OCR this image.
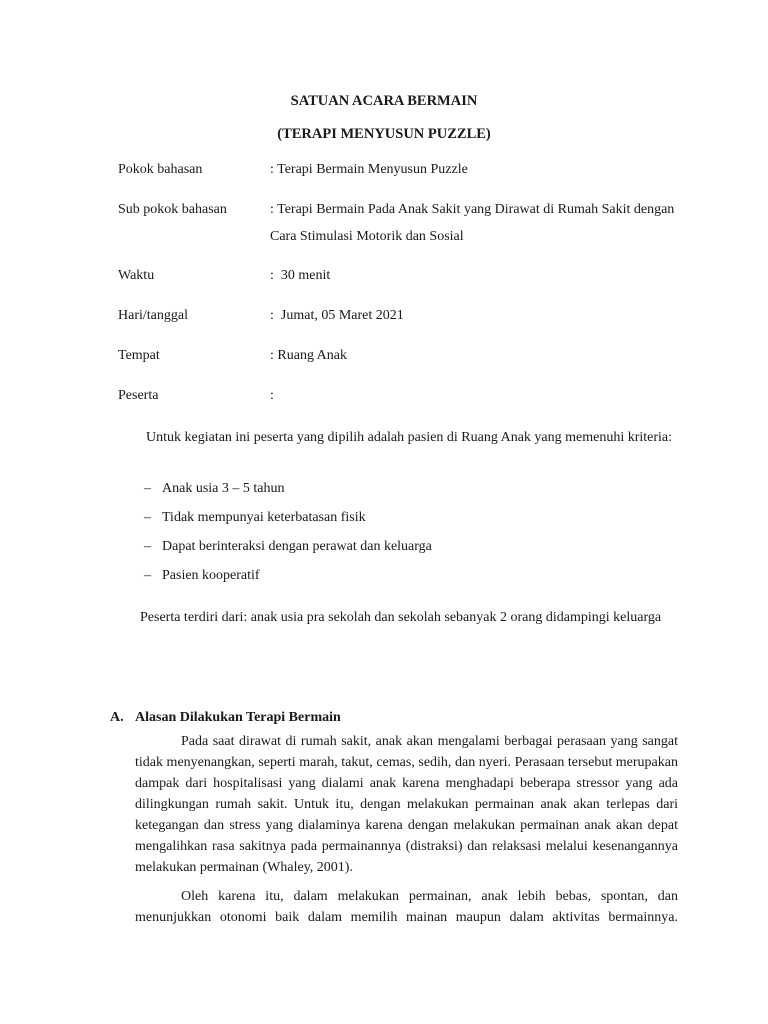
SATUAN ACARA BERMAIN
(TERAPI MENYUSUN PUZZLE)
Pokok bahasan	: Terapi Bermain Menyusun Puzzle
Sub pokok bahasan	: Terapi Bermain Pada Anak Sakit yang Dirawat di Rumah Sakit dengan Cara Stimulasi Motorik dan Sosial
Waktu	:  30 menit
Hari/tanggal	:  Jumat, 05 Maret 2021
Tempat	: Ruang Anak
Peserta	:
Untuk kegiatan ini peserta yang dipilih adalah pasien di Ruang Anak yang memenuhi kriteria:
– Anak usia 3 – 5 tahun
– Tidak mempunyai keterbatasan fisik
– Dapat berinteraksi dengan perawat dan keluarga
– Pasien kooperatif
Peserta terdiri dari: anak usia pra sekolah dan sekolah sebanyak 2 orang didampingi keluarga
A. Alasan Dilakukan Terapi Bermain
Pada saat dirawat di rumah sakit, anak akan mengalami berbagai perasaan yang sangat tidak menyenangkan, seperti marah, takut, cemas, sedih, dan nyeri. Perasaan tersebut merupakan dampak dari hospitalisasi yang dialami anak karena menghadapi beberapa stressor yang ada dilingkungan rumah sakit. Untuk itu, dengan melakukan permainan anak akan terlepas dari ketegangan dan stress yang dialaminya karena dengan melakukan permainan anak akan depat mengalihkan rasa sakitnya pada permainannya (distraksi) dan relaksasi melalui kesenangannya melakukan permainan (Whaley, 2001).
Oleh karena itu, dalam melakukan permainan, anak lebih bebas, spontan, dan menunjukkan otonomi baik dalam memilih mainan maupun dalam aktivitas bermainnya.
